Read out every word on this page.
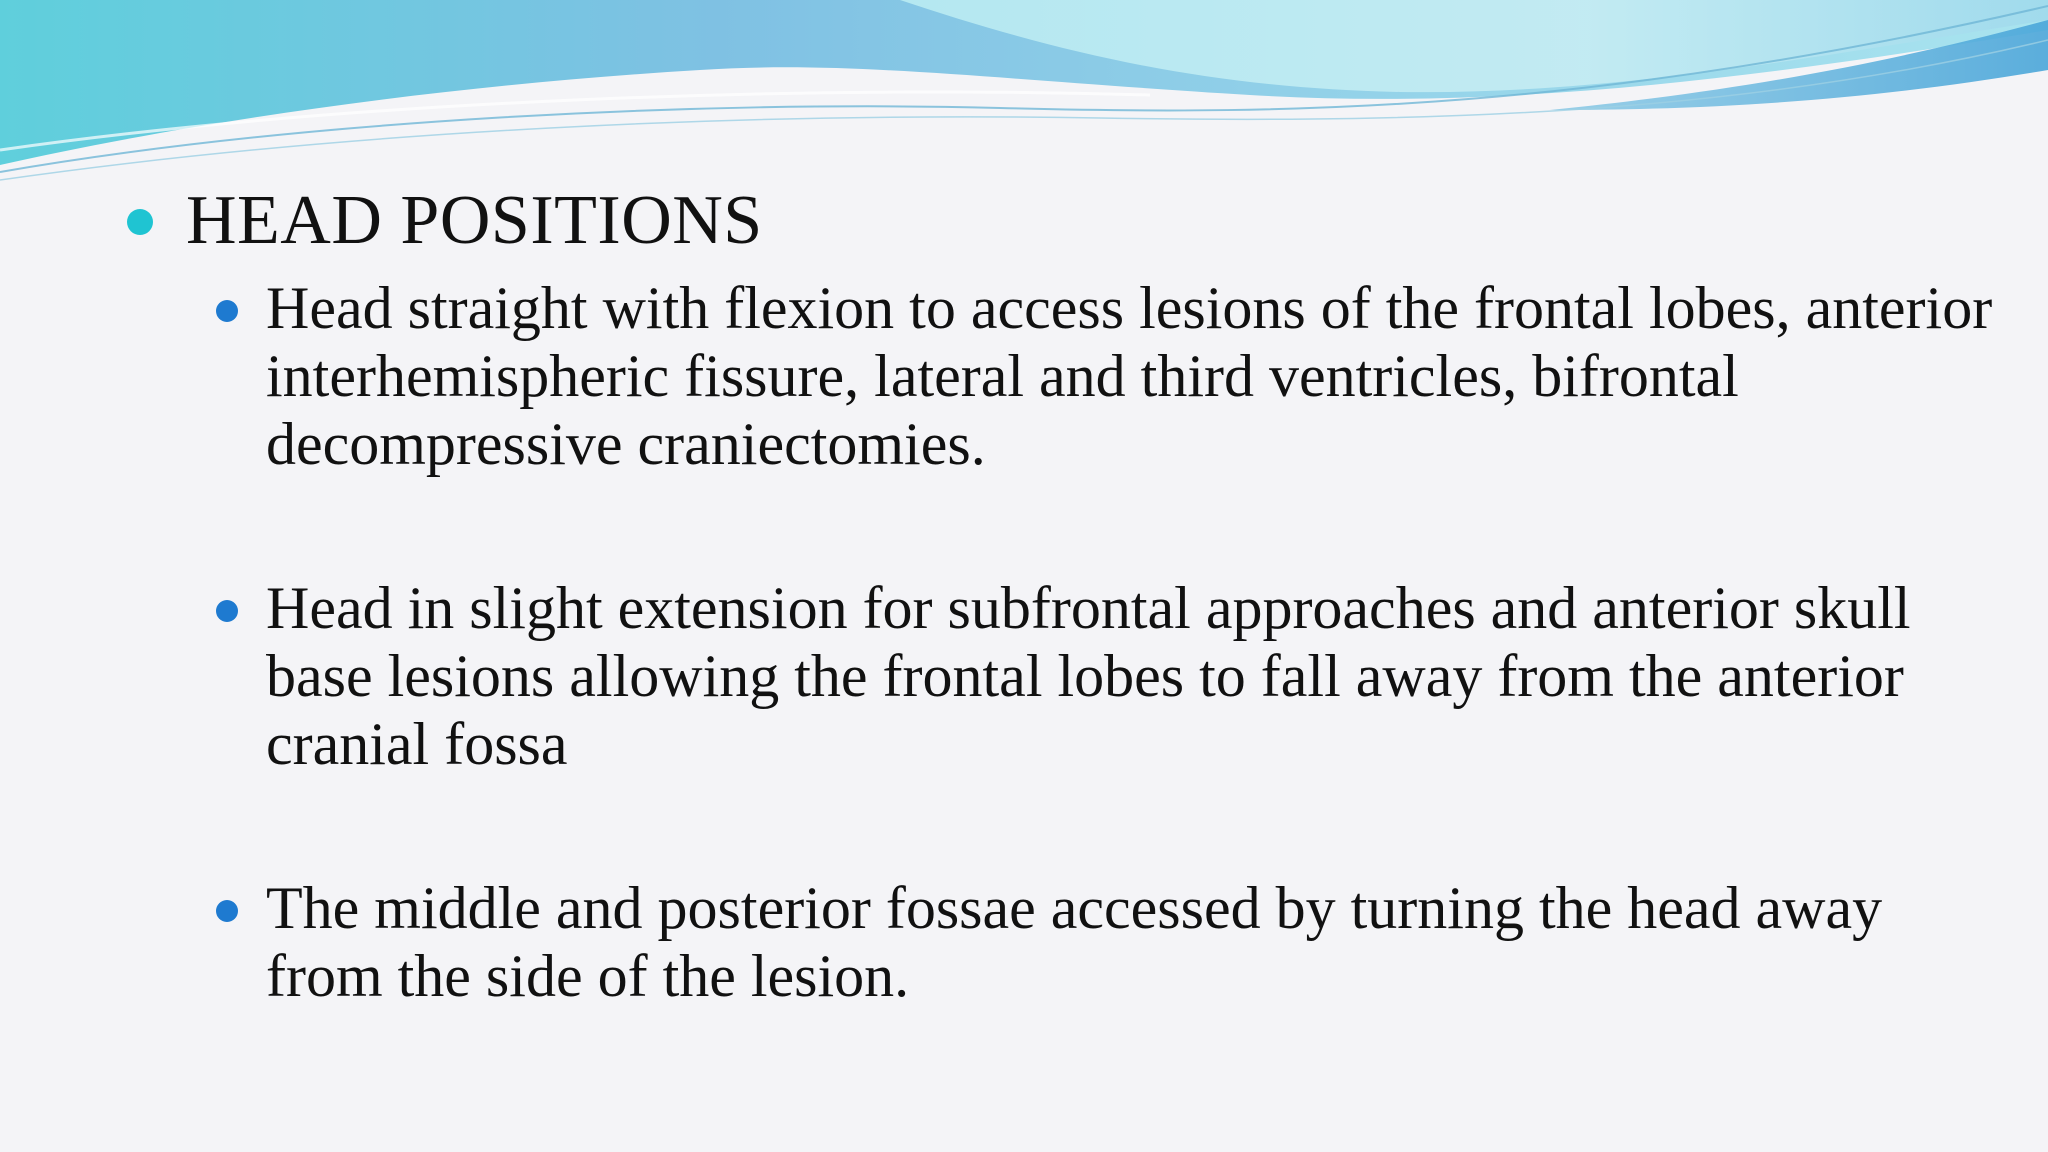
HEAD POSITIONS
Head straight with flexion to access lesions of the frontal lobes, anterior interhemispheric fissure, lateral and third ventricles, bifrontal decompressive craniectomies.
Head in slight extension for subfrontal approaches and anterior skull base lesions allowing the frontal lobes to fall away from the anterior cranial fossa
The middle and posterior fossae accessed by turning the head away from the side of the lesion.
